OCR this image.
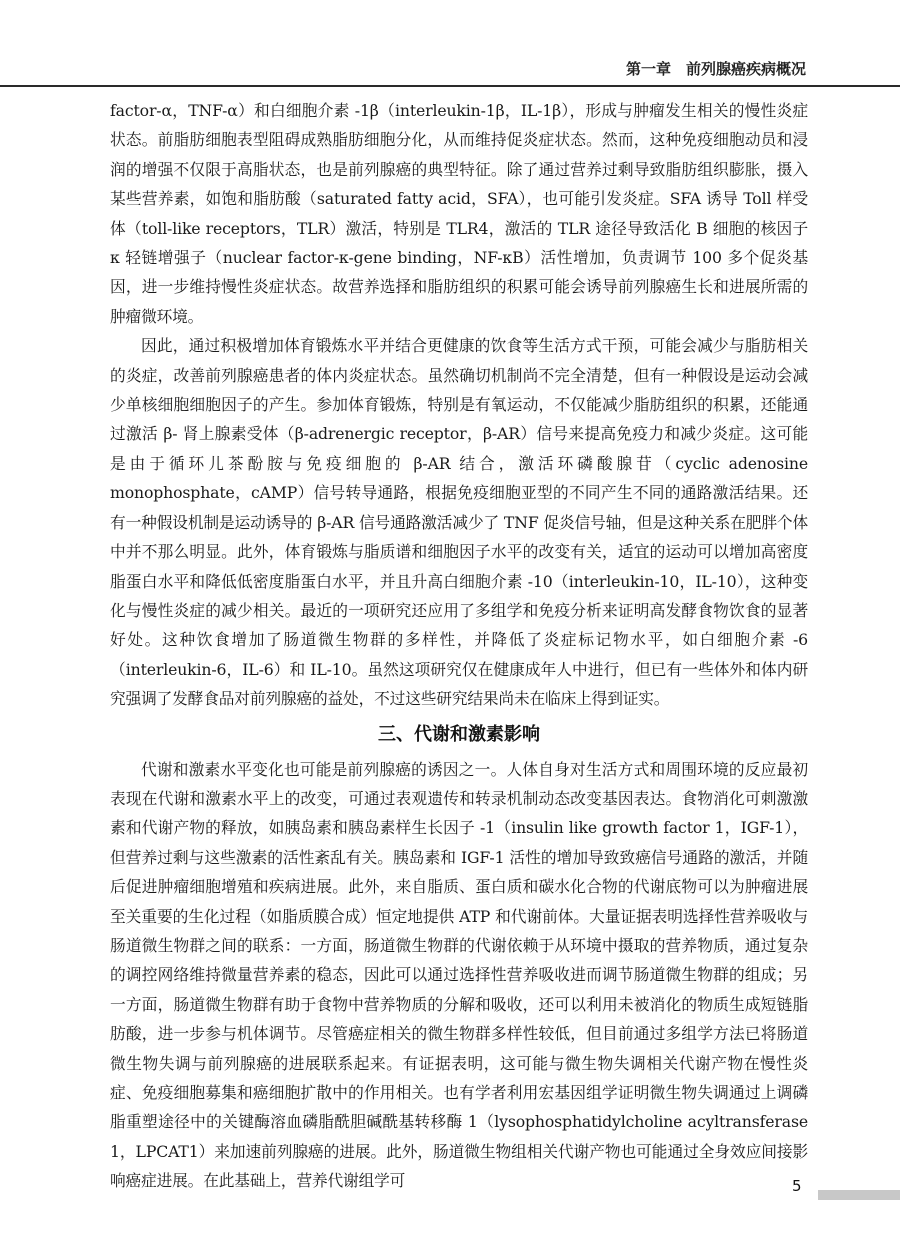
第一章　前列腺癌疾病概况

factor-α，TNF-α）和白细胞介素 -1β（interleukin-1β，IL-1β），形成与肿瘤发生相关的慢性炎症状态。前脂肪细胞表型阻碍成熟脂肪细胞分化，从而维持促炎症状态。然而，这种免疫细胞动员和浸润的增强不仅限于高脂状态，也是前列腺癌的典型特征。除了通过营养过剩导致脂肪组织膨胀，摄入某些营养素，如饱和脂肪酸（saturated fatty acid，SFA），也可能引发炎症。SFA 诱导 Toll 样受体（toll-like receptors，TLR）激活，特别是 TLR4，激活的 TLR 途径导致活化 B 细胞的核因子 κ 轻链增强子（nuclear factor-κ-gene binding，NF-κB）活性增加，负责调节 100 多个促炎基因，进一步维持慢性炎症状态。故营养选择和脂肪组织的积累可能会诱导前列腺癌生长和进展所需的肿瘤微环境。

因此，通过积极增加体育锻炼水平并结合更健康的饮食等生活方式干预，可能会减少与脂肪相关的炎症，改善前列腺癌患者的体内炎症状态。虽然确切机制尚不完全清楚，但有一种假设是运动会减少单核细胞细胞因子的产生。参加体育锻炼，特别是有氧运动，不仅能减少脂肪组织的积累，还能通过激活 β- 肾上腺素受体（β-adrenergic receptor，β-AR）信号来提高免疫力和减少炎症。这可能是由于循环儿茶酚胺与免疫细胞的 β-AR 结合，激活环磷酸腺苷（cyclic adenosine monophosphate，cAMP）信号转导通路，根据免疫细胞亚型的不同产生不同的通路激活结果。还有一种假设机制是运动诱导的 β-AR 信号通路激活减少了 TNF 促炎信号轴，但是这种关系在肥胖个体中并不那么明显。此外，体育锻炼与脂质谱和细胞因子水平的改变有关，适宜的运动可以增加高密度脂蛋白水平和降低低密度脂蛋白水平，并且升高白细胞介素 -10（interleukin-10，IL-10），这种变化与慢性炎症的减少相关。最近的一项研究还应用了多组学和免疫分析来证明高发酵食物饮食的显著好处。这种饮食增加了肠道微生物群的多样性，并降低了炎症标记物水平，如白细胞介素 -6（interleukin-6，IL-6）和 IL-10。虽然这项研究仅在健康成年人中进行，但已有一些体外和体内研究强调了发酵食品对前列腺癌的益处，不过这些研究结果尚未在临床上得到证实。

三、代谢和激素影响

代谢和激素水平变化也可能是前列腺癌的诱因之一。人体自身对生活方式和周围环境的反应最初表现在代谢和激素水平上的改变，可通过表观遗传和转录机制动态改变基因表达。食物消化可刺激激素和代谢产物的释放，如胰岛素和胰岛素样生长因子 -1（insulin like growth factor 1，IGF-1），但营养过剩与这些激素的活性紊乱有关。胰岛素和 IGF-1 活性的增加导致致癌信号通路的激活，并随后促进肿瘤细胞增殖和疾病进展。此外，来自脂质、蛋白质和碳水化合物的代谢底物可以为肿瘤进展至关重要的生化过程（如脂质膜合成）恒定地提供 ATP 和代谢前体。大量证据表明选择性营养吸收与肠道微生物群之间的联系：一方面，肠道微生物群的代谢依赖于从环境中摄取的营养物质，通过复杂的调控网络维持微量营养素的稳态，因此可以通过选择性营养吸收进而调节肠道微生物群的组成；另一方面，肠道微生物群有助于食物中营养物质的分解和吸收，还可以利用未被消化的物质生成短链脂肪酸，进一步参与机体调节。尽管癌症相关的微生物群多样性较低，但目前通过多组学方法已将肠道微生物失调与前列腺癌的进展联系起来。有证据表明，这可能与微生物失调相关代谢产物在慢性炎症、免疫细胞募集和癌细胞扩散中的作用相关。也有学者利用宏基因组学证明微生物失调通过上调磷脂重塑途径中的关键酶溶血磷脂酰胆碱酰基转移酶 1（lysophosphatidylcholine acyltransferase 1，LPCAT1）来加速前列腺癌的进展。此外，肠道微生物组相关代谢产物也可能通过全身效应间接影响癌症进展。在此基础上，营养代谢组学可	5
